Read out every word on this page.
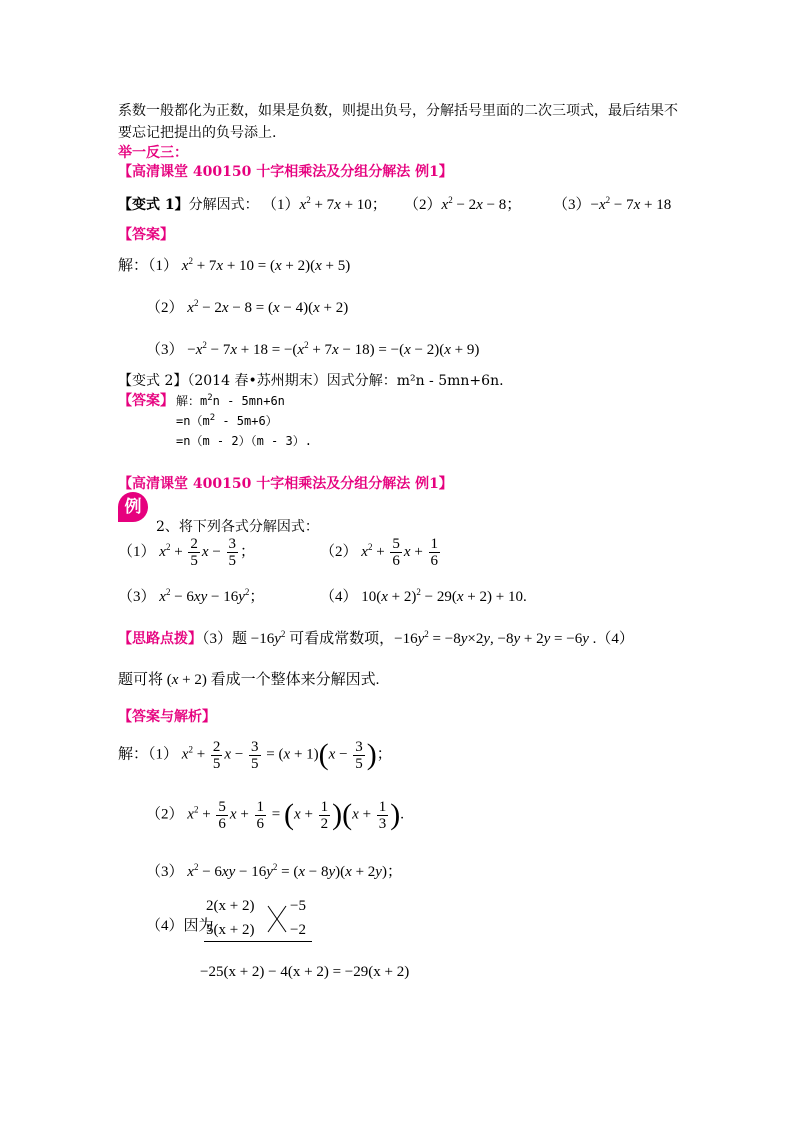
系数一般都化为正数，如果是负数，则提出负号，分解括号里面的二次三项式，最后结果不
要忘记把提出的负号添上.
举一反三：
【高清课堂 400150 十字相乘法及分组分解法 例1】
【变式 1】分解因式： $(1)x^2 + 7x + 10$； $(2)x^2 - 2x - 8$； $(3)-x^2 - 7x + 18$
【答案】
解：（1） $x^2 + 7x + 10 = (x + 2)(x + 5)$
（2） $x^2 - 2x - 8 = (x - 4)(x + 2)$
$(3) -x^2 - 7x + 18 = -(x^2 + 7x - 18) = -(x - 2)(x + 9)$
【变式 2】（2014 春•苏州期末）因式分解：m²n - 5mn+6n.
【答案】 解：$m^2n - 5mn+6n$
$=n(m^2 - 5m+6)$
=n（m - 2）（m - 3）.
【高清课堂 400150 十字相乘法及分组分解法 例1】
例
2、将下列各式分解因式：
（1） $x^2 + \frac{2}{5}$ $x - \frac{3}{5}$ ；	（2） $x^2 + \frac{5}{6}$ $x + \frac{1}{6}$
（3） $x^2 - 6xy - 16y^2$；	（4） $10(x + 2)^2 - 29(x + 2) + 10$.
【思路点拨】（3）题 $-16y^2$ 可看成常数项，$-16y^2 = -8y\times 2y$, −8y + 2y = −6y .（4）
题可将 (x + 2) 看成一个整体来分解因式.
【答案与解析】
解：（1） $x^2 + \frac{2}{5}$ $x - \frac{3}{5} = (x + 1)(x - \frac{3}{5}$ )；
（2） $x^2 + \frac{5}{6}$ $x + \frac{1}{6} = (x + \frac{1}{2} )(x + \frac{1}{3}$ ).
（3） $x^2 - 6xy - 16y^2 = (x - 8y)(x + 2y)$；
（4）因为
2(x + 2) −5
5(x + 2) −2
−25(x + 2) − 4(x + 2) = −29(x + 2)
